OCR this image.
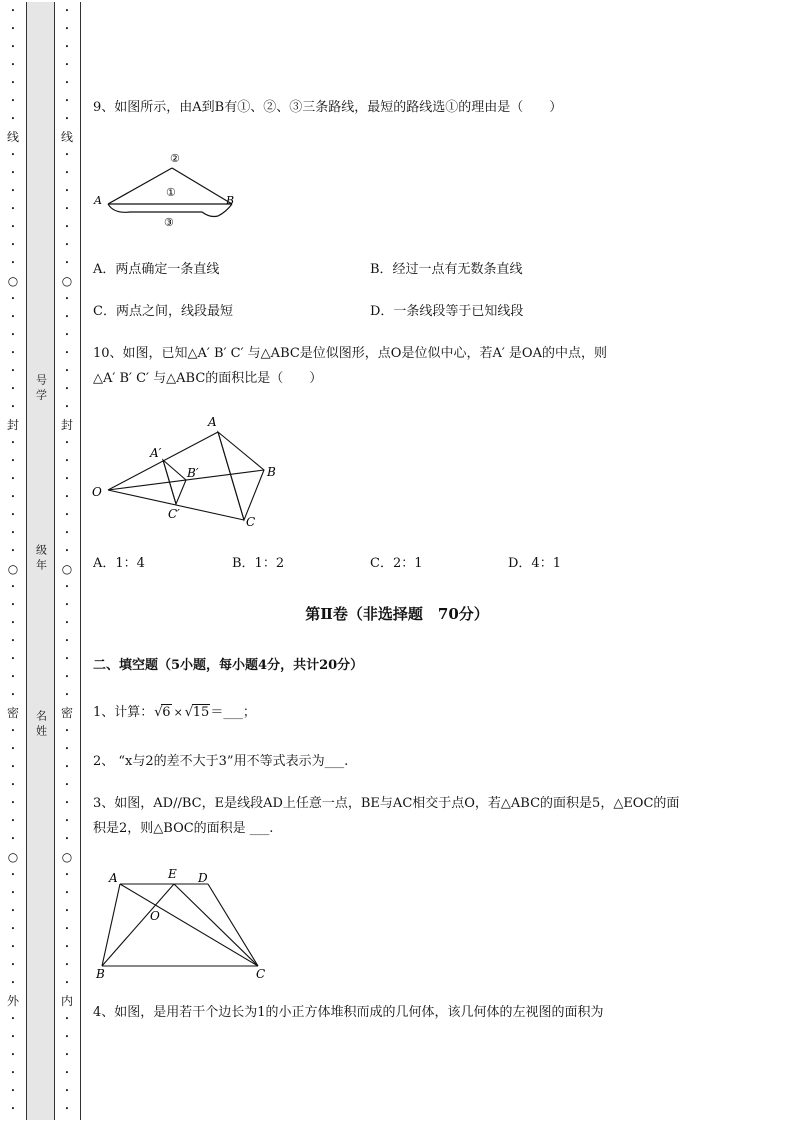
•
•
•
•
•
•
•
线
•
•
•
•
•
•
•
○
•
•
•
•
•
•
•
封
•
•
•
•
•
•
•
○
•
•
•
•
•
•
•
密
•
•
•
•
•
•
•
○
•
•
•
•
•
•
•
外
•
•
•
•
•
•
号学
级年
名姓
•
•
•
•
•
•
•
线
•
•
•
•
•
•
•
○
•
•
•
•
•
•
•
封
•
•
•
•
•
•
•
○
•
•
•
•
•
•
•
密
•
•
•
•
•
•
•
○
•
•
•
•
•
•
•
内
•
•
•
•
•
•
9、如图所示，由A到B有①、②、③三条路线，最短的路线选①的理由是（　　）
A	B
②
①
③
A．两点确定一条直线	B．经过一点有无数条直线
C．两点之间，线段最短	D．一条线段等于已知线段
10、如图，已知△A′ B′ C′ 与△ABC是位似图形，点O是位似中心，若A′ 是OA的中点，则
△A′ B′ C′ 与△ABC的面积比是（　　）
O
A
B
C
A′
B′
C′
A．1：4	B．1：2	C．2：1	D．4：1
第Ⅱ卷（非选择题　70分）
二、填空题（5小题，每小题4分，共计20分）
1、计算： √ 6 × √ 15＝___；
2、 “x与2的差不大于3”用不等式表示为___.
3、如图，AD//BC，E是线段AD上任意一点，BE与AC相交于点O，若△ABC的面积是5，△EOC的面
积是2，则△BOC的面积是 ___.
A	E D
O
B	C
4、如图，是用若干个边长为1的小正方体堆积而成的几何体，该几何体的左视图的面积为
